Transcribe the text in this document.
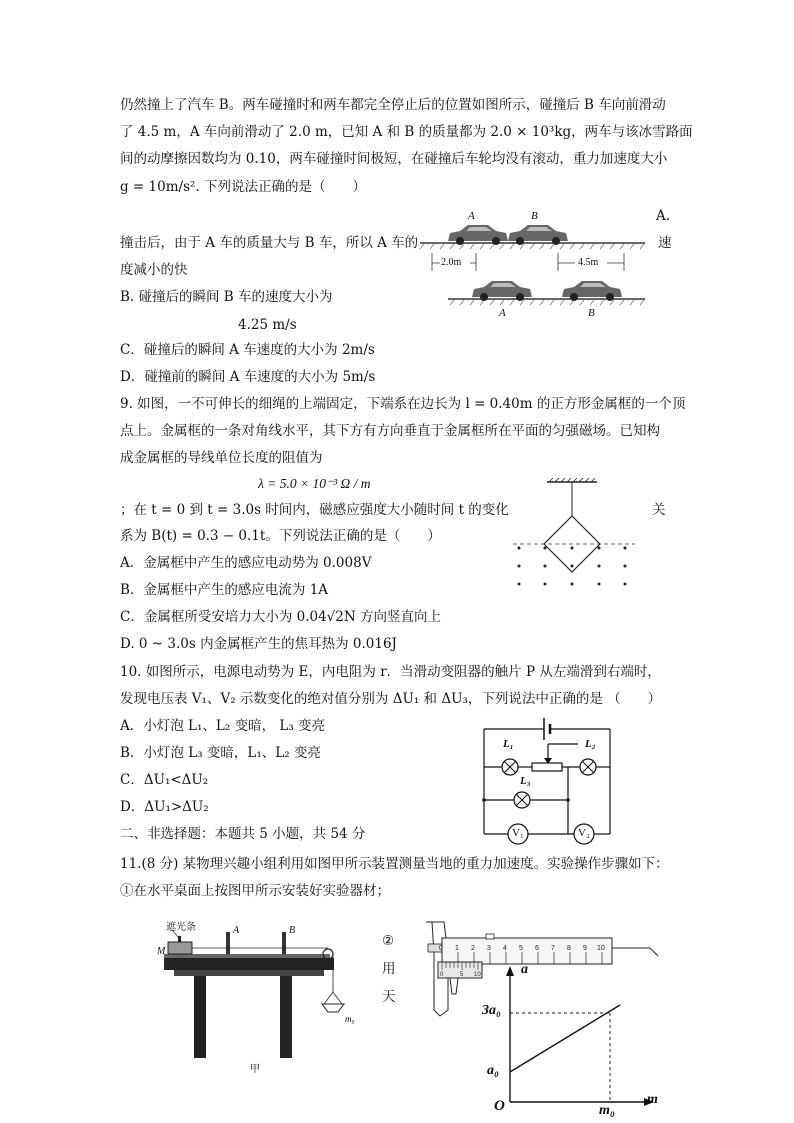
仍然撞上了汽车 B。两车碰撞时和两车都完全停止后的位置如图所示，碰撞后 B 车向前滑动
了 4.5 m，A 车向前滑动了 2.0 m，已知 A 和 B 的质量都为 2.0 × 10³kg，两车与该冰雪路面
间的动摩擦因数均为 0.10，两车碰撞时间极短，在碰撞后车轮均没有滚动，重力加速度大小
g = 10m/s². 下列说法正确的是（　　）
A.
撞击后，由于 A 车的质量大与 B 车，所以 A 车的	速
度减小的快
B. 碰撞后的瞬间 B 车的速度大小为
4.25 m/s
C．碰撞后的瞬间 A 车速度的大小为 2m/s
D．碰撞前的瞬间 A 车速度的大小为 5m/s
A	B
2.0m	4.5m
A	B
9. 如图，一不可伸长的细绳的上端固定，下端系在边长为 l = 0.40m 的正方形金属框的一个顶
点上。金属框的一条对角线水平，其下方有方向垂直于金属框所在平面的匀强磁场。已知构
成金属框的导线单位长度的阻值为
λ = 5.0 × 10⁻³ Ω / m
；在 t = 0 到 t = 3.0s 时间内，磁感应强度大小随时间 t 的变化	关
系为 B(t) = 0.3 − 0.1t。下列说法正确的是（　　）
A．金属框中产生的感应电动势为 0.008V
B．金属框中产生的感应电流为 1A
C．金属框所受安培力大小为 0.04√2N 方向竖直向上
D. 0 ~ 3.0s 内金属框产生的焦耳热为 0.016J
10. 如图所示，电源电动势为 E，内电阻为 r．当滑动变阻器的触片 P 从左端滑到右端时，
发现电压表 V₁、V₂ 示数变化的绝对值分别为 ΔU₁ 和 ΔU₃，下列说法中正确的是 （　　）
A．小灯泡 L₁、L₂ 变暗， L₃ 变亮
B．小灯泡 L₃ 变暗，L₁、L₂ 变亮
C．ΔU₁<ΔU₂
D．ΔU₁>ΔU₂
二、非选择题：本题共 5 小题，共 54 分
L₁	L₂
L₃
V₁	V₂
11.(8 分) 某物理兴趣小组利用如图甲所示装置测量当地的重力加速度。实验操作步骤如下：
①在水平桌面上按图甲所示安装好实验器材；
遮光条	A	B
M
m₀
甲
②
用
天
0 1 2 3 4 5 6 7 8 9 10
0	5 10	a
m
O
3a₀
a₀
m₀
